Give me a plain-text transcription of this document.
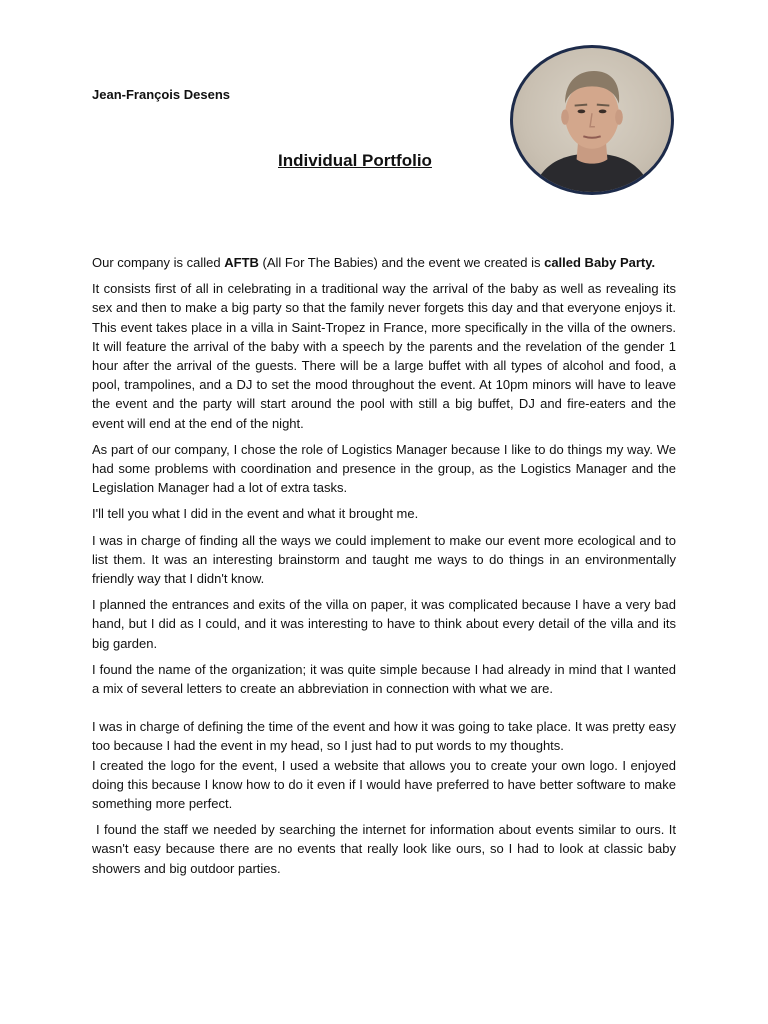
Jean-François Desens
Individual Portfolio

Our company is called AFTB (All For The Babies) and the event we created is called Baby Party.

It consists first of all in celebrating in a traditional way the arrival of the baby as well as revealing its sex and then to make a big party so that the family never forgets this day and that everyone enjoys it. This event takes place in a villa in Saint-Tropez in France, more specifically in the villa of the owners. It will feature the arrival of the baby with a speech by the parents and the revelation of the gender 1 hour after the arrival of the guests. There will be a large buffet with all types of alcohol and food, a pool, trampolines, and a DJ to set the mood throughout the event. At 10pm minors will have to leave the event and the party will start around the pool with still a big buffet, DJ and fire-eaters and the event will end at the end of the night.

As part of our company, I chose the role of Logistics Manager because I like to do things my way. We had some problems with coordination and presence in the group, as the Logistics Manager and the Legislation Manager had a lot of extra tasks.

I'll tell you what I did in the event and what it brought me.

I was in charge of finding all the ways we could implement to make our event more ecological and to list them. It was an interesting brainstorm and taught me ways to do things in an environmentally friendly way that I didn't know.

I planned the entrances and exits of the villa on paper, it was complicated because I have a very bad hand, but I did as I could, and it was interesting to have to think about every detail of the villa and its big garden.

I found the name of the organization; it was quite simple because I had already in mind that I wanted a mix of several letters to create an abbreviation in connection with what we are.

I was in charge of defining the time of the event and how it was going to take place. It was pretty easy too because I had the event in my head, so I just had to put words to my thoughts.

I created the logo for the event, I used a website that allows you to create your own logo. I enjoyed doing this because I know how to do it even if I would have preferred to have better software to make something more perfect.

I found the staff we needed by searching the internet for information about events similar to ours. It wasn't easy because there are no events that really look like ours, so I had to look at classic baby showers and big outdoor parties.
